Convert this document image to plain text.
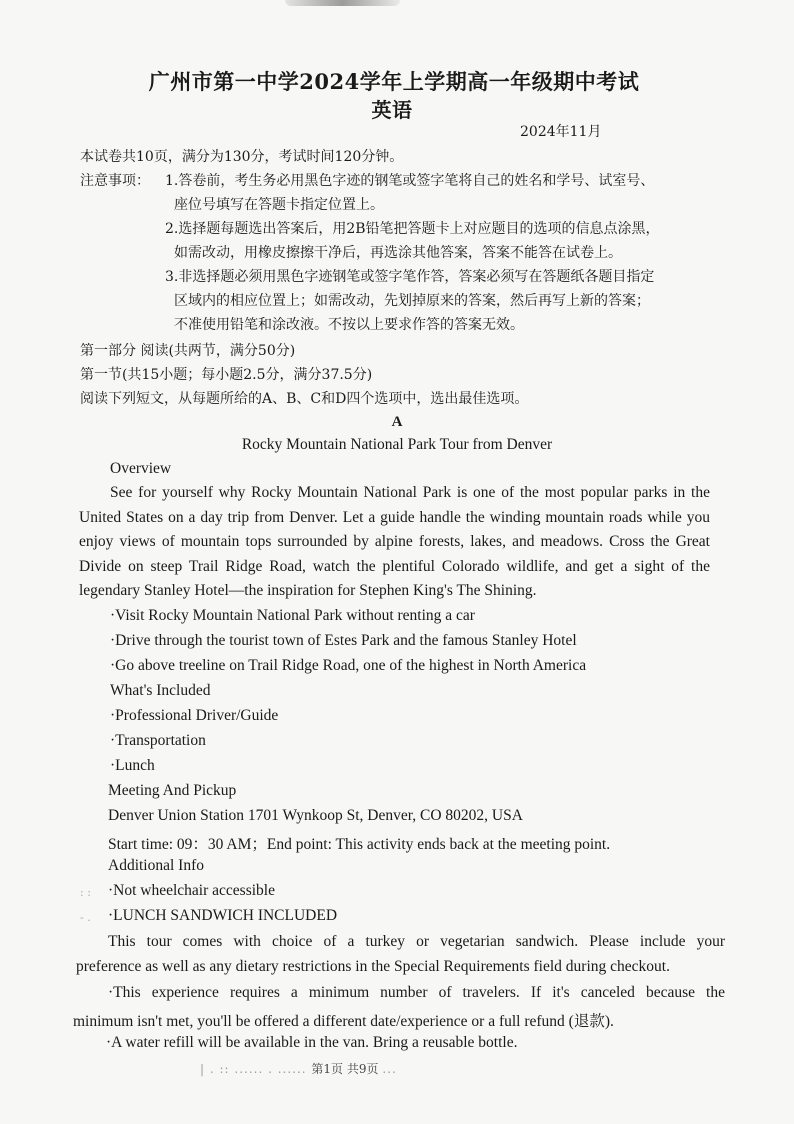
广州市第一中学2024学年上学期高一年级期中考试
英语
2024年11月
本试卷共10页，满分为130分，考试时间120分钟。
注意事项： 1.答卷前，考生务必用黑色字迹的钢笔或签字笔将自己的姓名和学号、试室号、
座位号填写在答题卡指定位置上。
2.选择题每题选出答案后，用2B铅笔把答题卡上对应题目的选项的信息点涂黑，
如需改动，用橡皮擦擦干净后，再选涂其他答案，答案不能答在试卷上。
3.非选择题必须用黑色字迹钢笔或签字笔作答，答案必须写在答题纸各题目指定
区域内的相应位置上；如需改动，先划掉原来的答案，然后再写上新的答案；
不准使用铅笔和涂改液。不按以上要求作答的答案无效。
第一部分 阅读(共两节，满分50分)
第一节(共15小题；每小题2.5分，满分37.5分)
阅读下列短文，从每题所给的A、B、C和D四个选项中，选出最佳选项。
A
Rocky Mountain National Park Tour from Denver
Overview
See for yourself why Rocky Mountain National Park is one of the most popular parks in the
United States on a day trip from Denver. Let a guide handle the winding mountain roads while you
enjoy views of mountain tops surrounded by alpine forests, lakes, and meadows. Cross the Great
Divide on steep Trail Ridge Road, watch the plentiful Colorado wildlife, and get a sight of the
legendary Stanley Hotel—the inspiration for Stephen King's The Shining.
·Visit Rocky Mountain National Park without renting a car
·Drive through the tourist town of Estes Park and the famous Stanley Hotel
·Go above treeline on Trail Ridge Road, one of the highest in North America
What's Included
·Professional Driver/Guide
·Transportation
·Lunch
Meeting And Pickup
Denver Union Station 1701 Wynkoop St, Denver, CO 80202, USA
Start time: 09：30 AM；End point: This activity ends back at the meeting point.
Additional Info
: : ·Not wheelchair accessible
- . ·LUNCH SANDWICH INCLUDED
This tour comes with choice of a turkey or vegetarian sandwich. Please include your
preference as well as any dietary restrictions in the Special Requirements field during checkout.
·This experience requires a minimum number of travelers. If it's canceled because the
minimum isn't met, you'll be offered a different date/experience or a full refund (退款).
·A water refill will be available in the van. Bring a reusable bottle.
| . :: ...... . ...... 第1页 共9页 ...
